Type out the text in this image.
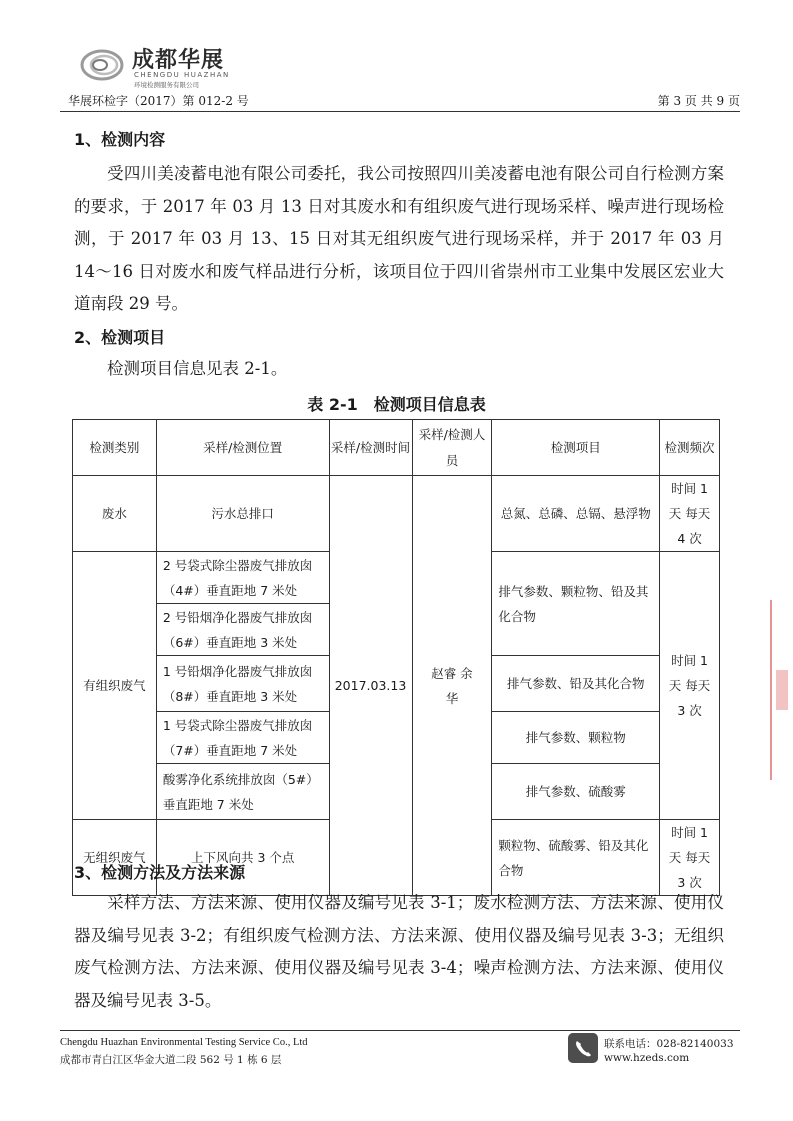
成都华展
CHENGDU HUAZHAN
环境检测服务有限公司
华展环检字（2017）第 012-2 号	第 3 页 共 9 页
1、检测内容
受四川美凌蓄电池有限公司委托，我公司按照四川美凌蓄电池有限公司自行检测方案的要求，于 2017 年 03 月 13 日对其废水和有组织废气进行现场采样、噪声进行现场检测，于 2017 年 03 月 13、15 日对其无组织废气进行现场采样，并于 2017 年 03 月 14～16 日对废水和废气样品进行分析，该项目位于四川省崇州市工业集中发展区宏业大道南段 29 号。
2、检测项目
检测项目信息见表 2-1。
表 2-1　检测项目信息表
检测类别	采样/检测位置	采样/检测时间	采样/检测人员	检测项目	检测频次
废水	污水总排口	2017.03.13	赵睿 余华	总氮、总磷、总镉、悬浮物	时间 1 天 每天 4 次
有组织废气	2 号袋式除尘器废气排放囱（4#）垂直距地 7 米处			排气参数、颗粒物、铅及其化合物	时间 1 天 每天 3 次
	2 号铅烟净化器废气排放囱（6#）垂直距地 3 米处				
	1 号铅烟净化器废气排放囱（8#）垂直距地 3 米处			排气参数、铅及其化合物	
	1 号袋式除尘器废气排放囱（7#）垂直距地 7 米处			排气参数、颗粒物	
	酸雾净化系统排放囱（5#）垂直距地 7 米处			排气参数、硫酸雾	
无组织废气	上下风向共 3 个点			颗粒物、硫酸雾、铅及其化合物	时间 1 天 每天 3 次
3、检测方法及方法来源
采样方法、方法来源、使用仪器及编号见表 3-1；废水检测方法、方法来源、使用仪器及编号见表 3-2；有组织废气检测方法、方法来源、使用仪器及编号见表 3-3；无组织废气检测方法、方法来源、使用仪器及编号见表 3-4；噪声检测方法、方法来源、使用仪器及编号见表 3-5。
Chengdu Huazhan Environmental Testing Service Co., Ltd
成都市青白江区华金大道二段 562 号 1 栋 6 层
联系电话：028-82140033
www.hzeds.com
